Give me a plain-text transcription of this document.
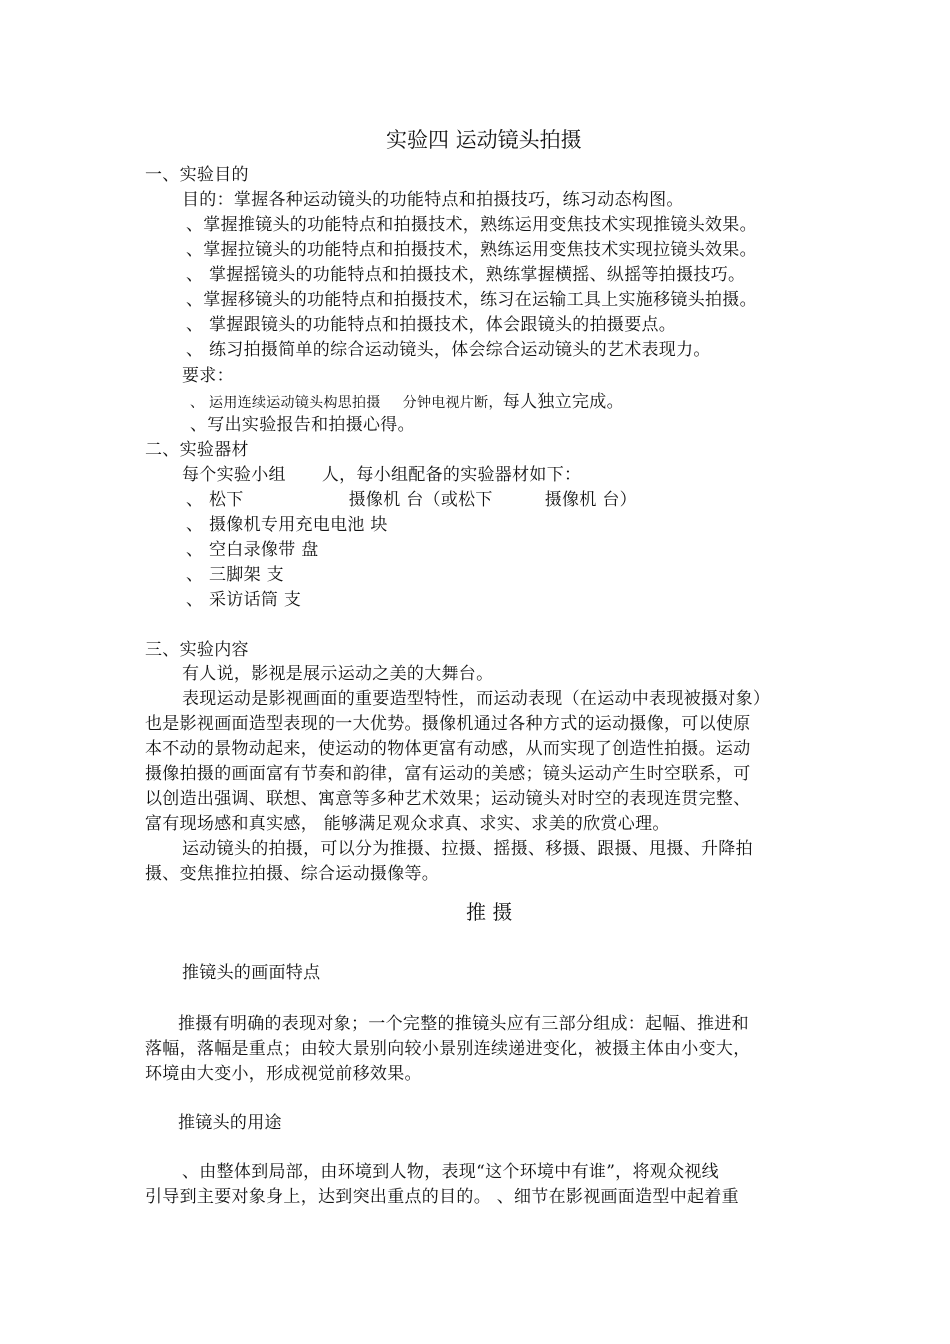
实验四 运动镜头拍摄
一、实验目的
目的：掌握各种运动镜头的功能特点和拍摄技巧，练习动态构图。
、掌握推镜头的功能特点和拍摄技术，熟练运用变焦技术实现推镜头效果。
、掌握拉镜头的功能特点和拍摄技术，熟练运用变焦技术实现拉镜头效果。
、 掌握摇镜头的功能特点和拍摄技术，熟练掌握横摇、纵摇等拍摄技巧。
、掌握移镜头的功能特点和拍摄技术，练习在运输工具上实施移镜头拍摄。
、 掌握跟镜头的功能特点和拍摄技术，体会跟镜头的拍摄要点。
、 练习拍摄简单的综合运动镜头，体会综合运动镜头的艺术表现力。
要求：
、 运用连续运动镜头构思拍摄 分钟电视片断，每人独立完成。
、写出实验报告和拍摄心得。
二、实验器材
每个实验小组 人，每小组配备的实验器材如下：
、 松下	摄像机 台（或松下	摄像机 台）
、 摄像机专用充电电池 块
、 空白录像带 盘
、 三脚架 支
、 采访话筒 支
三、实验内容
有人说，影视是展示运动之美的大舞台。
表现运动是影视画面的重要造型特性，而运动表现（在运动中表现被摄对象）
也是影视画面造型表现的一大优势。摄像机通过各种方式的运动摄像，可以使原
本不动的景物动起来，使运动的物体更富有动感，从而实现了创造性拍摄。运动
摄像拍摄的画面富有节奏和韵律，富有运动的美感；镜头运动产生时空联系，可
以创造出强调、联想、寓意等多种艺术效果；运动镜头对时空的表现连贯完整、
富有现场感和真实感， 能够满足观众求真、求实、求美的欣赏心理。
运动镜头的拍摄，可以分为推摄、拉摄、摇摄、移摄、跟摄、甩摄、升降拍
摄、变焦推拉拍摄、综合运动摄像等。
推 摄
推镜头的画面特点
推摄有明确的表现对象；一个完整的推镜头应有三部分组成：起幅、推进和
落幅，落幅是重点；由较大景别向较小景别连续递进变化，被摄主体由小变大，
环境由大变小，形成视觉前移效果。
推镜头的用途
、由整体到局部，由环境到人物，表现“这个环境中有谁”，将观众视线
引导到主要对象身上，达到突出重点的目的。 、细节在影视画面造型中起着重
